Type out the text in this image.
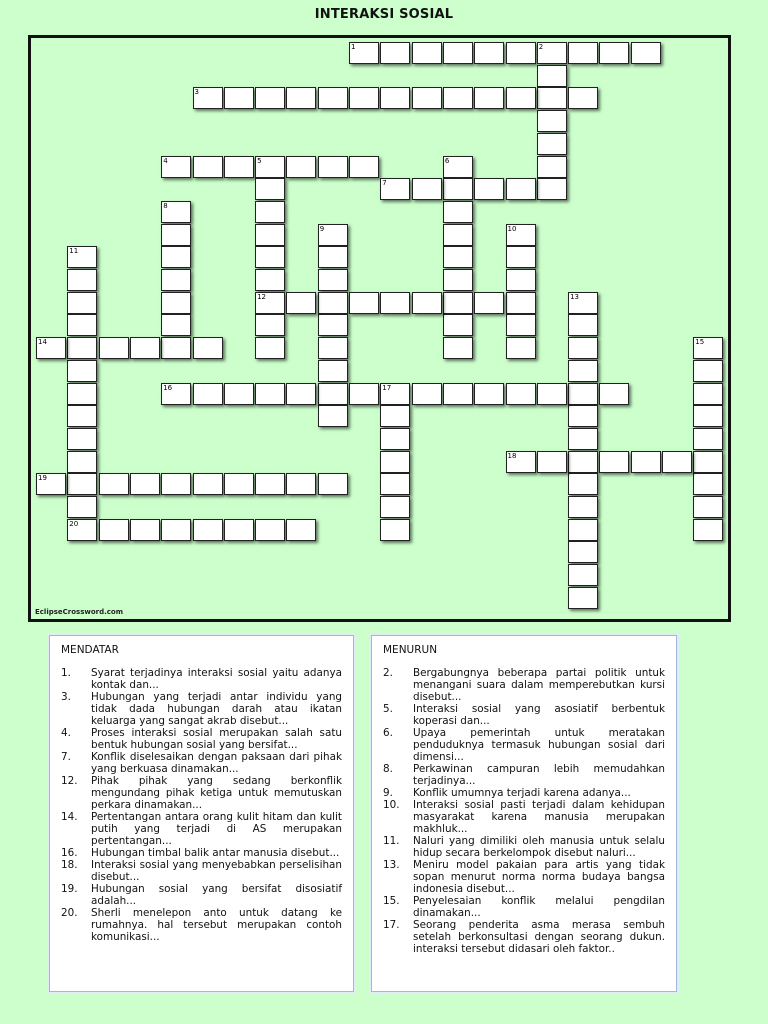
INTERAKSI SOSIAL
EclipseCrossword.com
1	2
3
4	5
12
6
7
8
9	10
11
20
13
14	15
16	17
18
19
MENDATAR
1 .	Syarat terjadinya interaksi sosial yaitu adanya kontak dan...
3 .	Hubungan yang terjadi antar individu yang tidak dada hubungan darah atau ikatan keluarga yang sangat akrab disebut...
4 .	Proses interaksi sosial merupakan salah satu bentuk hubungan sosial yang bersifat...
7 .	Konflik diselesaikan dengan paksaan dari pihak yang berkuasa dinamakan...
12 .	Pihak pihak yang sedang berkonflik mengundang pihak ketiga untuk memutuskan perkara dinamakan...
14 .	Pertentangan antara orang kulit hitam dan kulit putih yang terjadi di AS merupakan pertentangan...
16 .	Hubungan timbal balik antar manusia disebut...
18 .	Interaksi sosial yang menyebabkan perselisihan disebut...
19 .	Hubungan sosial yang bersifat disosiatif adalah...
20 .	Sherli menelepon anto untuk datang ke rumahnya. hal tersebut merupakan contoh komunikasi...
MENURUN
2 .	Bergabungnya beberapa partai politik untuk menangani suara dalam memperebutkan kursi disebut...
5 .	Interaksi sosial yang asosiatif berbentuk koperasi dan...
6 .	Upaya pemerintah untuk meratakan penduduknya termasuk hubungan sosial dari dimensi...
8 .	Perkawinan campuran lebih memudahkan terjadinya...
9 .	Konflik umumnya terjadi karena adanya...
10 .	Interaksi sosial pasti terjadi dalam kehidupan masyarakat karena manusia merupakan makhluk...
11 .	Naluri yang dimiliki oleh manusia untuk selalu hidup secara berkelompok disebut naluri...
13 .	Meniru model pakaian para artis yang tidak sopan menurut norma norma budaya bangsa indonesia disebut...
15 .	Penyelesaian konflik melalui pengdilan dinamakan...
17 .	Seorang penderita asma merasa sembuh setelah berkonsultasi dengan seorang dukun. interaksi tersebut didasari oleh faktor..
